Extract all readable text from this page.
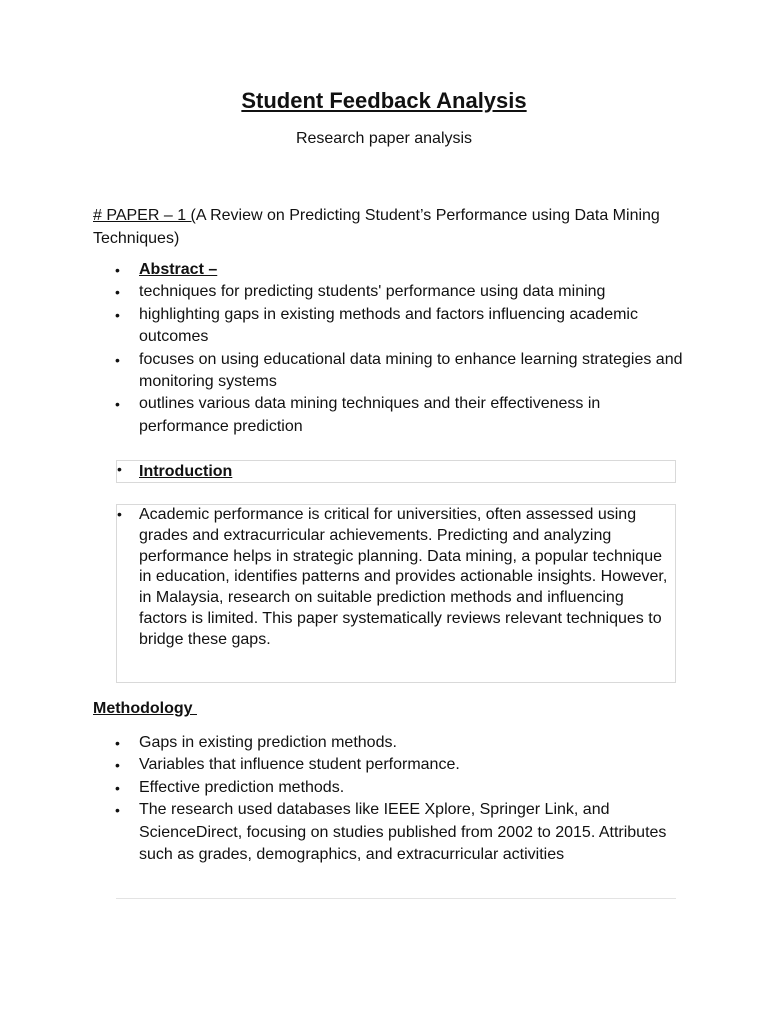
Student Feedback Analysis
Research paper analysis
# PAPER – 1 (A Review on Predicting Student’s Performance using Data Mining Techniques)
• Abstract –
• techniques for predicting students' performance using data mining
• highlighting gaps in existing methods and factors influencing academic outcomes
• focuses on using educational data mining to enhance learning strategies and monitoring systems
• outlines various data mining techniques and their effectiveness in performance prediction
• Introduction
• Academic performance is critical for universities, often assessed using grades and extracurricular achievements. Predicting and analyzing performance helps in strategic planning. Data mining, a popular technique in education, identifies patterns and provides actionable insights. However, in Malaysia, research on suitable prediction methods and influencing factors is limited. This paper systematically reviews relevant techniques to bridge these gaps.
Methodology
• Gaps in existing prediction methods.
• Variables that influence student performance.
• Effective prediction methods.
• The research used databases like IEEE Xplore, Springer Link, and ScienceDirect, focusing on studies published from 2002 to 2015. Attributes such as grades, demographics, and extracurricular activities
